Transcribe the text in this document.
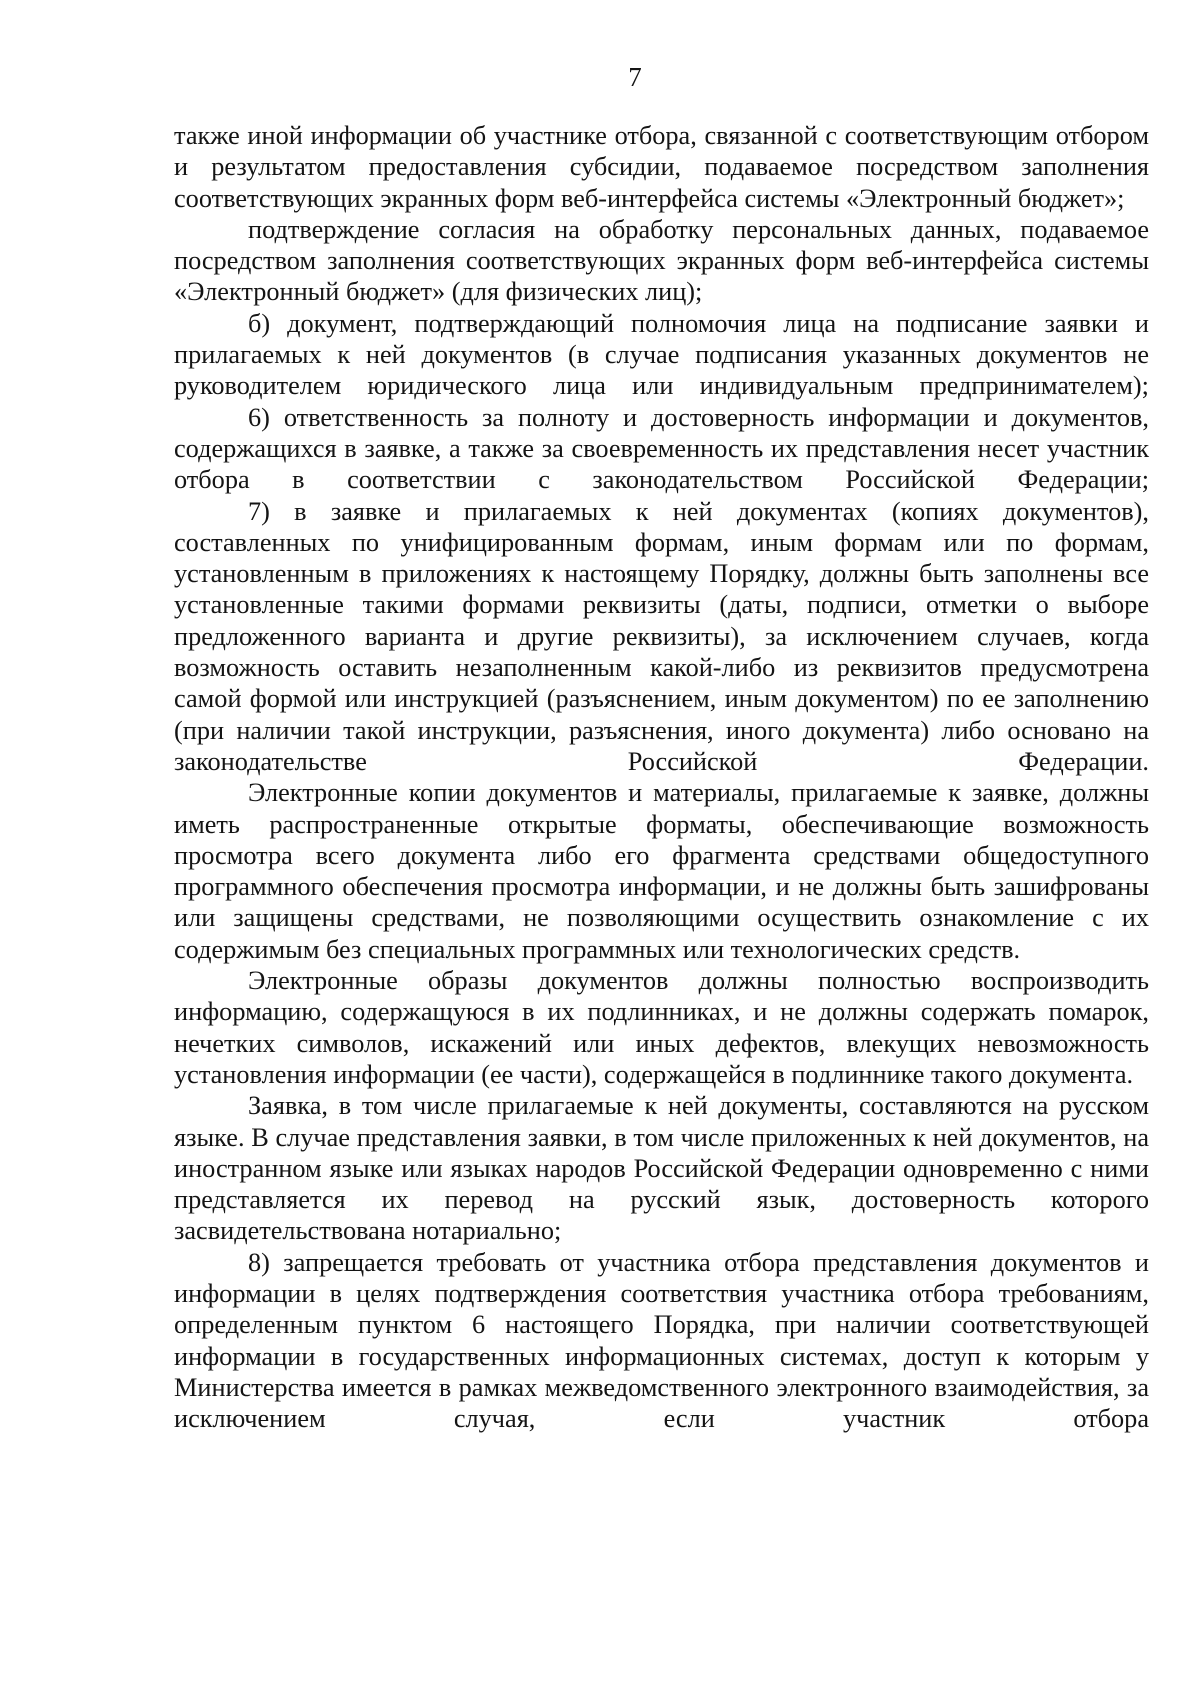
7

также иной информации об участнике отбора, связанной с соответствующим отбором и результатом предоставления субсидии, подаваемое посредством заполнения соответствующих экранных форм веб-интерфейса системы «Электронный бюджет»;

подтверждение согласия на обработку персональных данных, подаваемое посредством заполнения соответствующих экранных форм веб-интерфейса системы «Электронный бюджет» (для физических лиц);

б) документ, подтверждающий полномочия лица на подписание заявки и прилагаемых к ней документов (в случае подписания указанных документов не руководителем юридического лица или индивидуальным предпринимателем);

6) ответственность за полноту и достоверность информации и документов, содержащихся в заявке, а также за своевременность их представления несет участник отбора в соответствии с законодательством Российской Федерации;

7) в заявке и прилагаемых к ней документах (копиях документов), составленных по унифицированным формам, иным формам или по формам, установленным в приложениях к настоящему Порядку, должны быть заполнены все установленные такими формами реквизиты (даты, подписи, отметки о выборе предложенного варианта и другие реквизиты), за исключением случаев, когда возможность оставить незаполненным какой-либо из реквизитов предусмотрена самой формой или инструкцией (разъяснением, иным документом) по ее заполнению (при наличии такой инструкции, разъяснения, иного документа) либо основано на законодательстве Российской Федерации.

Электронные копии документов и материалы, прилагаемые к заявке, должны иметь распространенные открытые форматы, обеспечивающие возможность просмотра всего документа либо его фрагмента средствами общедоступного программного обеспечения просмотра информации, и не должны быть зашифрованы или защищены средствами, не позволяющими осуществить ознакомление с их содержимым без специальных программных или технологических средств.

Электронные образы документов должны полностью воспроизводить информацию, содержащуюся в их подлинниках, и не должны содержать помарок, нечетких символов, искажений или иных дефектов, влекущих невозможность установления информации (ее части), содержащейся в подлиннике такого документа.

Заявка, в том числе прилагаемые к ней документы, составляются на русском языке. В случае представления заявки, в том числе приложенных к ней документов, на иностранном языке или языках народов Российской Федерации одновременно с ними представляется их перевод на русский язык, достоверность которого засвидетельствована нотариально;

8) запрещается требовать от участника отбора представления документов и информации в целях подтверждения соответствия участника отбора требованиям, определенным пунктом 6 настоящего Порядка, при наличии соответствующей информации в государственных информационных системах, доступ к которым у Министерства имеется в рамках межведомственного электронного взаимодействия, за исключением случая, если участник отбора
